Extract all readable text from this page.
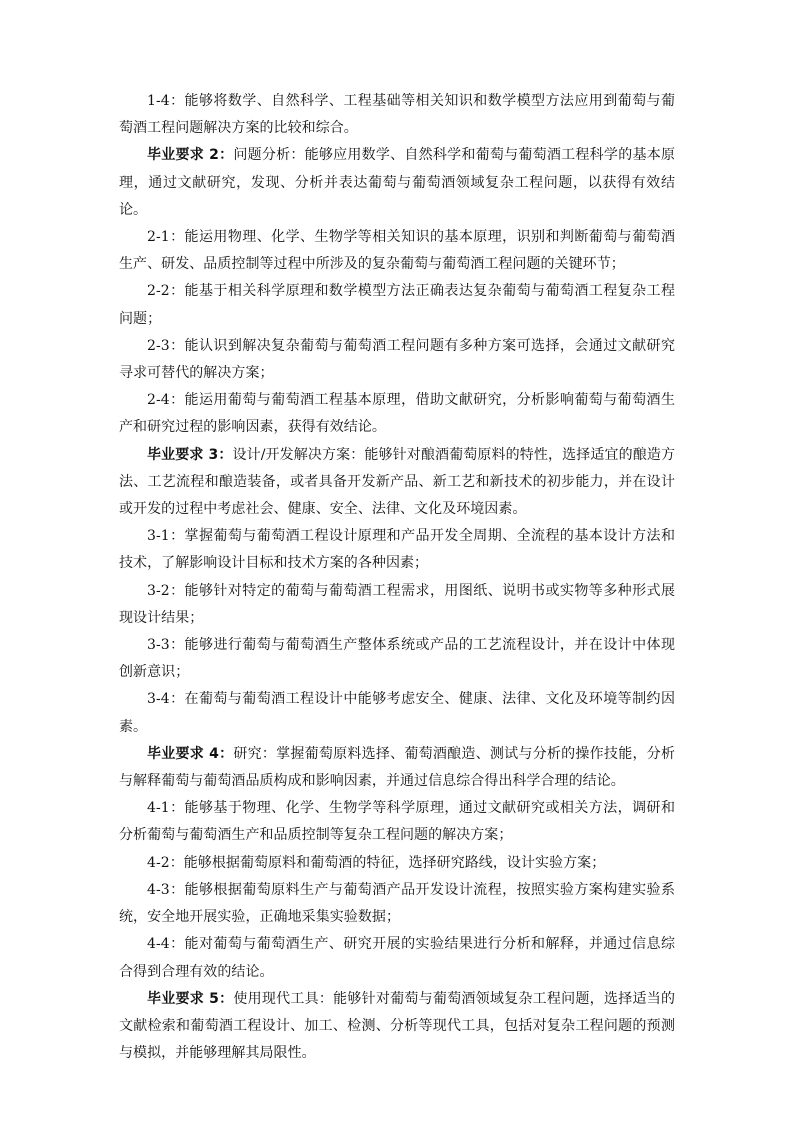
1-4：能够将数学、自然科学、工程基础等相关知识和数学模型方法应用到葡萄与葡萄酒工程问题解决方案的比较和综合。

毕业要求 2：问题分析：能够应用数学、自然科学和葡萄与葡萄酒工程科学的基本原理，通过文献研究，发现、分析并表达葡萄与葡萄酒领域复杂工程问题，以获得有效结论。

2-1：能运用物理、化学、生物学等相关知识的基本原理，识别和判断葡萄与葡萄酒生产、研发、品质控制等过程中所涉及的复杂葡萄与葡萄酒工程问题的关键环节；

2-2：能基于相关科学原理和数学模型方法正确表达复杂葡萄与葡萄酒工程复杂工程问题；

2-3：能认识到解决复杂葡萄与葡萄酒工程问题有多种方案可选择，会通过文献研究寻求可替代的解决方案；

2-4：能运用葡萄与葡萄酒工程基本原理，借助文献研究，分析影响葡萄与葡萄酒生产和研究过程的影响因素，获得有效结论。

毕业要求 3：设计/开发解决方案：能够针对酿酒葡萄原料的特性，选择适宜的酿造方法、工艺流程和酿造装备，或者具备开发新产品、新工艺和新技术的初步能力，并在设计或开发的过程中考虑社会、健康、安全、法律、文化及环境因素。

3-1：掌握葡萄与葡萄酒工程设计原理和产品开发全周期、全流程的基本设计方法和技术，了解影响设计目标和技术方案的各种因素；

3-2：能够针对特定的葡萄与葡萄酒工程需求，用图纸、说明书或实物等多种形式展现设计结果；

3-3：能够进行葡萄与葡萄酒生产整体系统或产品的工艺流程设计，并在设计中体现创新意识；

3-4：在葡萄与葡萄酒工程设计中能够考虑安全、健康、法律、文化及环境等制约因素。

毕业要求 4：研究：掌握葡萄原料选择、葡萄酒酿造、测试与分析的操作技能，分析与解释葡萄与葡萄酒品质构成和影响因素，并通过信息综合得出科学合理的结论。

4-1：能够基于物理、化学、生物学等科学原理，通过文献研究或相关方法，调研和分析葡萄与葡萄酒生产和品质控制等复杂工程问题的解决方案；

4-2：能够根据葡萄原料和葡萄酒的特征，选择研究路线，设计实验方案；

4-3：能够根据葡萄原料生产与葡萄酒产品开发设计流程，按照实验方案构建实验系统，安全地开展实验，正确地采集实验数据；

4-4：能对葡萄与葡萄酒生产、研究开展的实验结果进行分析和解释，并通过信息综合得到合理有效的结论。

毕业要求 5：使用现代工具：能够针对葡萄与葡萄酒领域复杂工程问题，选择适当的文献检索和葡萄酒工程设计、加工、检测、分析等现代工具，包括对复杂工程问题的预测与模拟，并能够理解其局限性。
